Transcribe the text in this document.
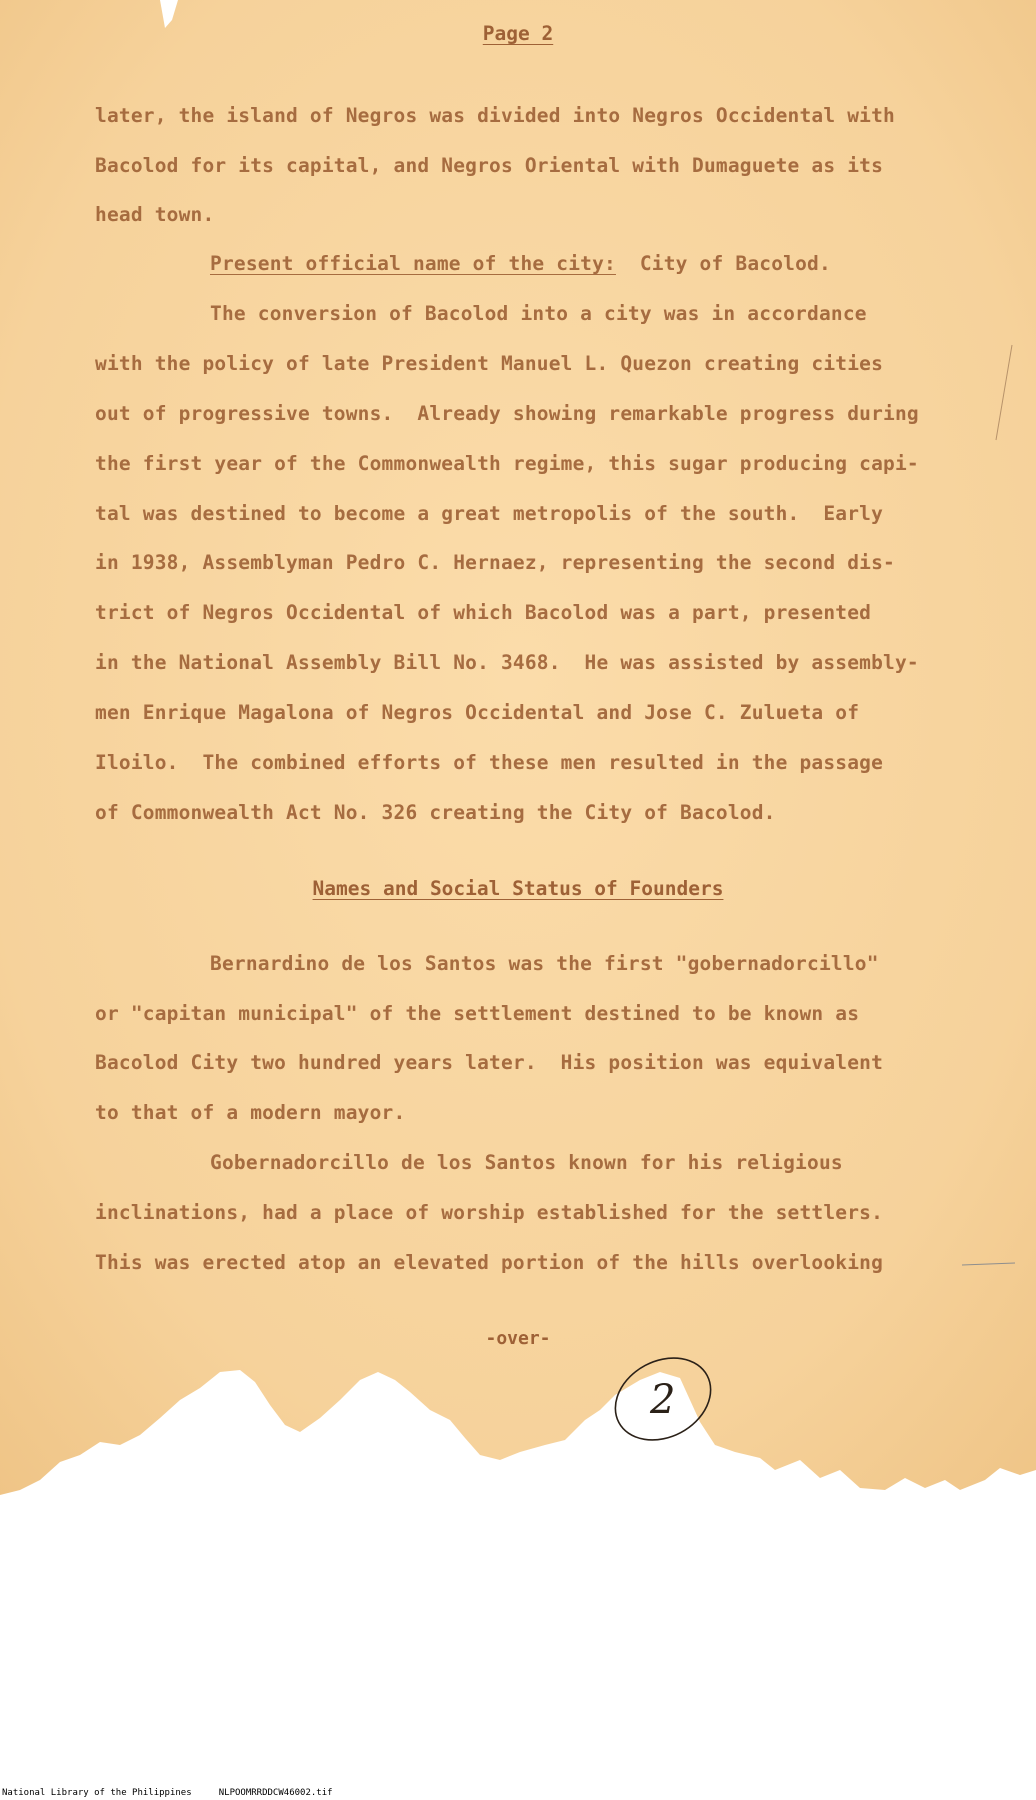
Page 2
later, the island of Negros was divided into Negros Occidental with
Bacolod for its capital, and Negros Oriental with Dumaguete as its
head town.
Present official name of the city: City of Bacolod.
The conversion of Bacolod into a city was in accordance
with the policy of late President Manuel L. Quezon creating cities
out of progressive towns.  Already showing remarkable progress during
the first year of the Commonwealth regime, this sugar producing capi-
tal was destined to become a great metropolis of the south.  Early
in 1938, Assemblyman Pedro C. Hernaez, representing the second dis-
trict of Negros Occidental of which Bacolod was a part, presented
in the National Assembly Bill No. 3468.  He was assisted by assembly-
men Enrique Magalona of Negros Occidental and Jose C. Zulueta of
Iloilo.  The combined efforts of these men resulted in the passage
of Commonwealth Act No. 326 creating the City of Bacolod.
Names and Social Status of Founders
Bernardino de los Santos was the first "gobernadorcillo"
or "capitan municipal" of the settlement destined to be known as
Bacolod City two hundred years later.  His position was equivalent
to that of a modern mayor.
Gobernadorcillo de los Santos known for his religious
inclinations, had a place of worship established for the settlers.
This was erected atop an elevated portion of the hills overlooking
-over-
2
National Library of the Philippines	NLPOOMRRDDCW46002.tif
